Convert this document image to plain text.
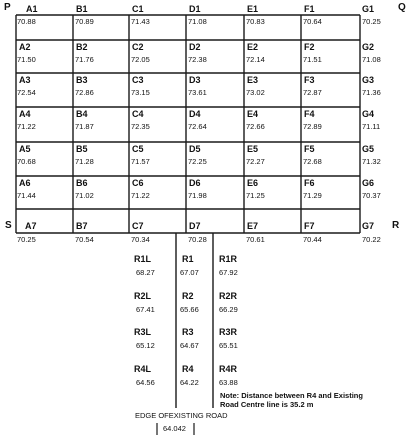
P	Q
S	R
A1
70.88
B1
70.89
C1
71.43
D1
71.08
E1
70.83
F1
70.64
G1
70.25
A2
71.50
B2
71.76
C2
72.05
D2
72.38
E2
72.14
F2
71.51
G2
71.08
A3
72.54
B3
72.86
C3
73.15
D3
73.61
E3
73.02
F3
72.87
G3
71.36
A4
71.22
B4
71.87
C4
72.35
D4
72.64
E4
72.66
F4
72.89
G4
71.11
A5
70.68
B5
71.28
C5
71.57
D5
72.25
E5
72.27
F5
72.68
G5
71.32
A6
71.44
B6
71.02
C6
71.22
D6
71.98
E6
71.25
F6
71.29
G6
70.37
A7
70.25
B7
70.54
C7
70.34
D7
70.28
E7
70.61
F7
70.44
G7
70.22
R1L
68.27
R1
67.07
R1R
67.92
R2L
67.41
R2
65.66
R2R
66.29
R3L
65.12
R3
64.67
R3R
65.51
R4L
64.56
R4
64.22
R4R
63.88
Note: Distance between R4 and Existing Road Centre line is 35.2 m
EDGE OFEXISTING ROAD
64.042
